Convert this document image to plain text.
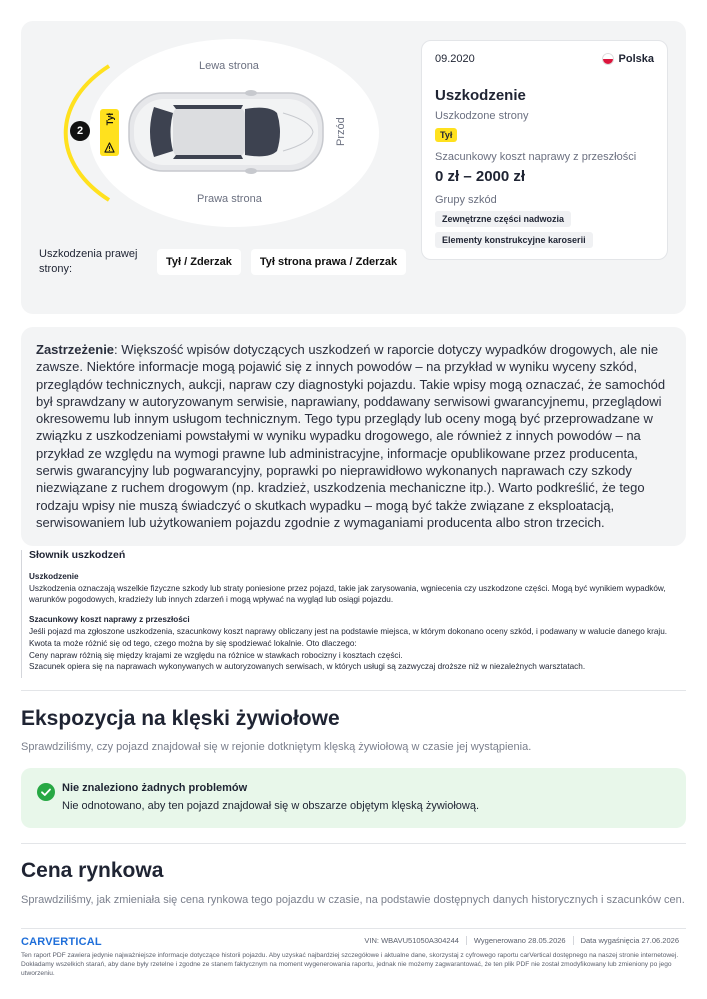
Lewa strona
Prawa strona
Przód
2
Tył
Uszkodzenia prawej strony:
Tył / Zderzak	Tył strona prawa / Zderzak
09.2020	Polska
Uszkodzenie
Uszkodzone strony
Tył
Szacunkowy koszt naprawy z przeszłości
0 zł – 2000 zł
Grupy szkód
Zewnętrzne części nadwozia
Elementy konstrukcyjne karoserii
Zastrzeżenie: Większość wpisów dotyczących uszkodzeń w raporcie dotyczy wypadków drogowych, ale nie zawsze. Niektóre informacje mogą pojawić się z innych powodów – na przykład w wyniku wyceny szkód, przeglądów technicznych, aukcji, napraw czy diagnostyki pojazdu. Takie wpisy mogą oznaczać, że samochód był sprawdzany w autoryzowanym serwisie, naprawiany, poddawany serwisowi gwarancyjnemu, przeglądowi okresowemu lub innym usługom technicznym. Tego typu przeglądy lub oceny mogą być przeprowadzane w związku z uszkodzeniami powstałymi w wyniku wypadku drogowego, ale również z innych powodów – na przykład ze względu na wymogi prawne lub administracyjne, informacje opublikowane przez producenta, serwis gwarancyjny lub pogwarancyjny, poprawki po nieprawidłowo wykonanych naprawach czy szkody niezwiązane z ruchem drogowym (np. kradzież, uszkodzenia mechaniczne itp.). Warto podkreślić, że tego rodzaju wpisy nie muszą świadczyć o skutkach wypadku – mogą być także związane z eksploatacją, serwisowaniem lub użytkowaniem pojazdu zgodnie z wymaganiami producenta albo stron trzecich.
Słownik uszkodzeń
Uszkodzenie
Uszkodzenia oznaczają wszelkie fizyczne szkody lub straty poniesione przez pojazd, takie jak zarysowania, wgniecenia czy uszkodzone części. Mogą być wynikiem wypadków, warunków pogodowych, kradzieży lub innych zdarzeń i mogą wpływać na wygląd lub osiągi pojazdu.
Szacunkowy koszt naprawy z przeszłości
Jeśli pojazd ma zgłoszone uszkodzenia, szacunkowy koszt naprawy obliczany jest na podstawie miejsca, w którym dokonano oceny szkód, i podawany w walucie danego kraju. Kwota ta może różnić się od tego, czego można by się spodziewać lokalnie. Oto dlaczego:
Ceny napraw różnią się między krajami ze względu na różnice w stawkach robocizny i kosztach części.
Szacunek opiera się na naprawach wykonywanych w autoryzowanych serwisach, w których usługi są zazwyczaj droższe niż w niezależnych warsztatach.
Ekspozycja na klęski żywiołowe
Sprawdziliśmy, czy pojazd znajdował się w rejonie dotkniętym klęską żywiołową w czasie jej wystąpienia.
Nie znaleziono żadnych problemów
Nie odnotowano, aby ten pojazd znajdował się w obszarze objętym klęską żywiołową.
Cena rynkowa
Sprawdziliśmy, jak zmieniała się cena rynkowa tego pojazdu w czasie, na podstawie dostępnych danych historycznych i szacunków cen.
CARVERTICAL	VIN: WBAVU51050A304244	Wygenerowano 28.05.2026	Data wygaśnięcia 27.06.2026
Ten raport PDF zawiera jedynie najważniejsze informacje dotyczące historii pojazdu. Aby uzyskać najbardziej szczegółowe i aktualne dane, skorzystaj z cyfrowego raportu carVertical dostępnego na naszej stronie internetowej. Dokładamy wszelkich starań, aby dane były rzetelne i zgodne ze stanem faktycznym na moment wygenerowania raportu, jednak nie możemy zagwarantować, że ten plik PDF nie został zmodyfikowany lub zmieniony po jego utworzeniu.
